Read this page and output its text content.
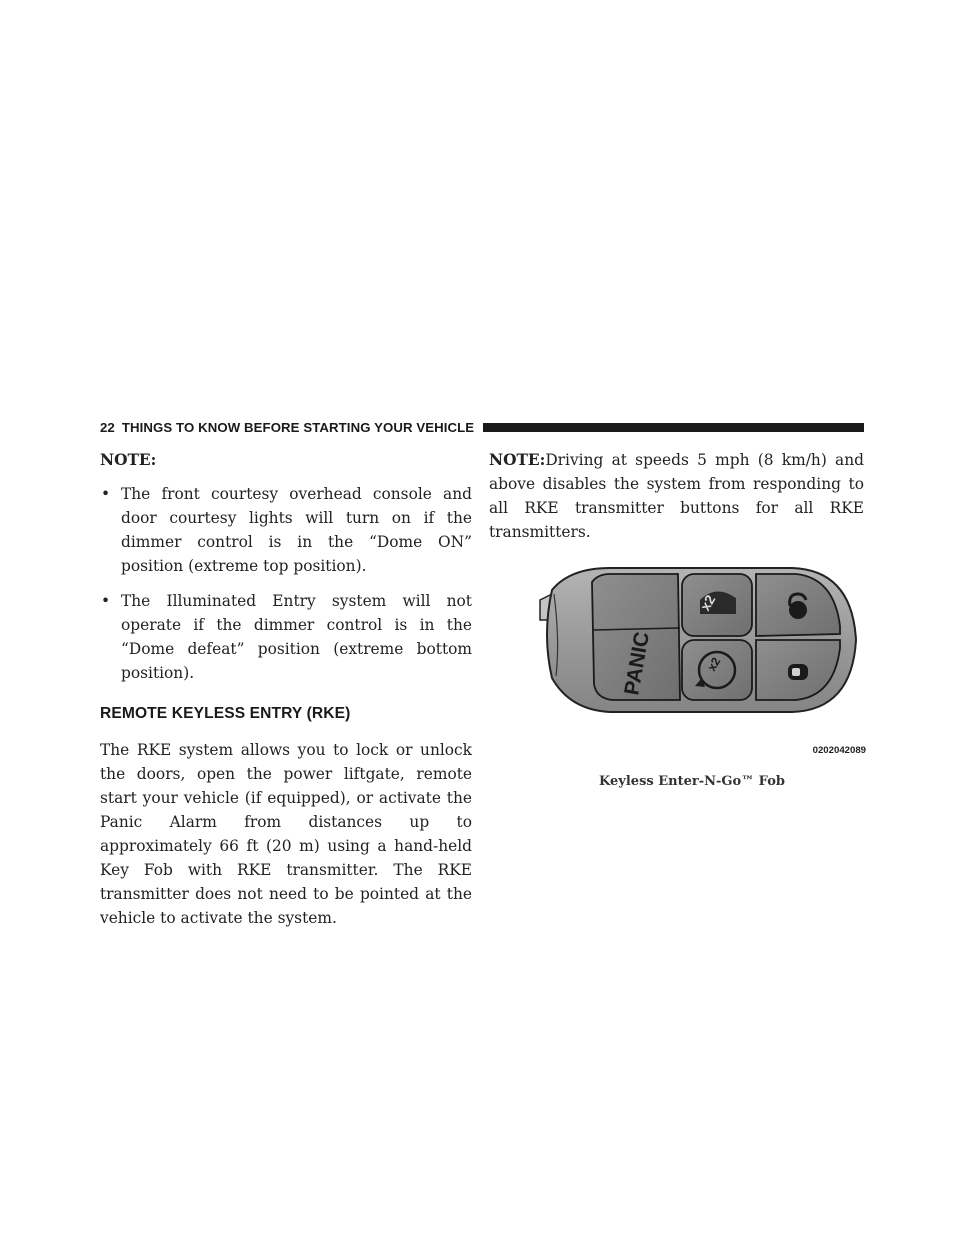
22 THINGS TO KNOW BEFORE STARTING YOUR VEHICLE

NOTE:

• The front courtesy overhead console and door courtesy lights will turn on if the dimmer control is in the “Dome ON” position (extreme top position).
• The Illuminated Entry system will not operate if the dimmer control is in the “Dome defeat” position (extreme bottom position).
REMOTE KEYLESS ENTRY (RKE)

The RKE system allows you to lock or unlock the doors, open the power liftgate, remote start your vehicle (if equipped), or activate the Panic Alarm from distances up to approximately 66 ft (20 m) using a hand-held Key Fob with RKE transmitter. The RKE transmitter does not need to be pointed at the vehicle to activate the system.

NOTE:Driving at speeds 5 mph (8 km/h) and above disables the system from responding to all RKE transmitter buttons for all RKE transmitters.

PANIC
x2
x2
0202042089
Keyless Enter-N-Go™ Fob
